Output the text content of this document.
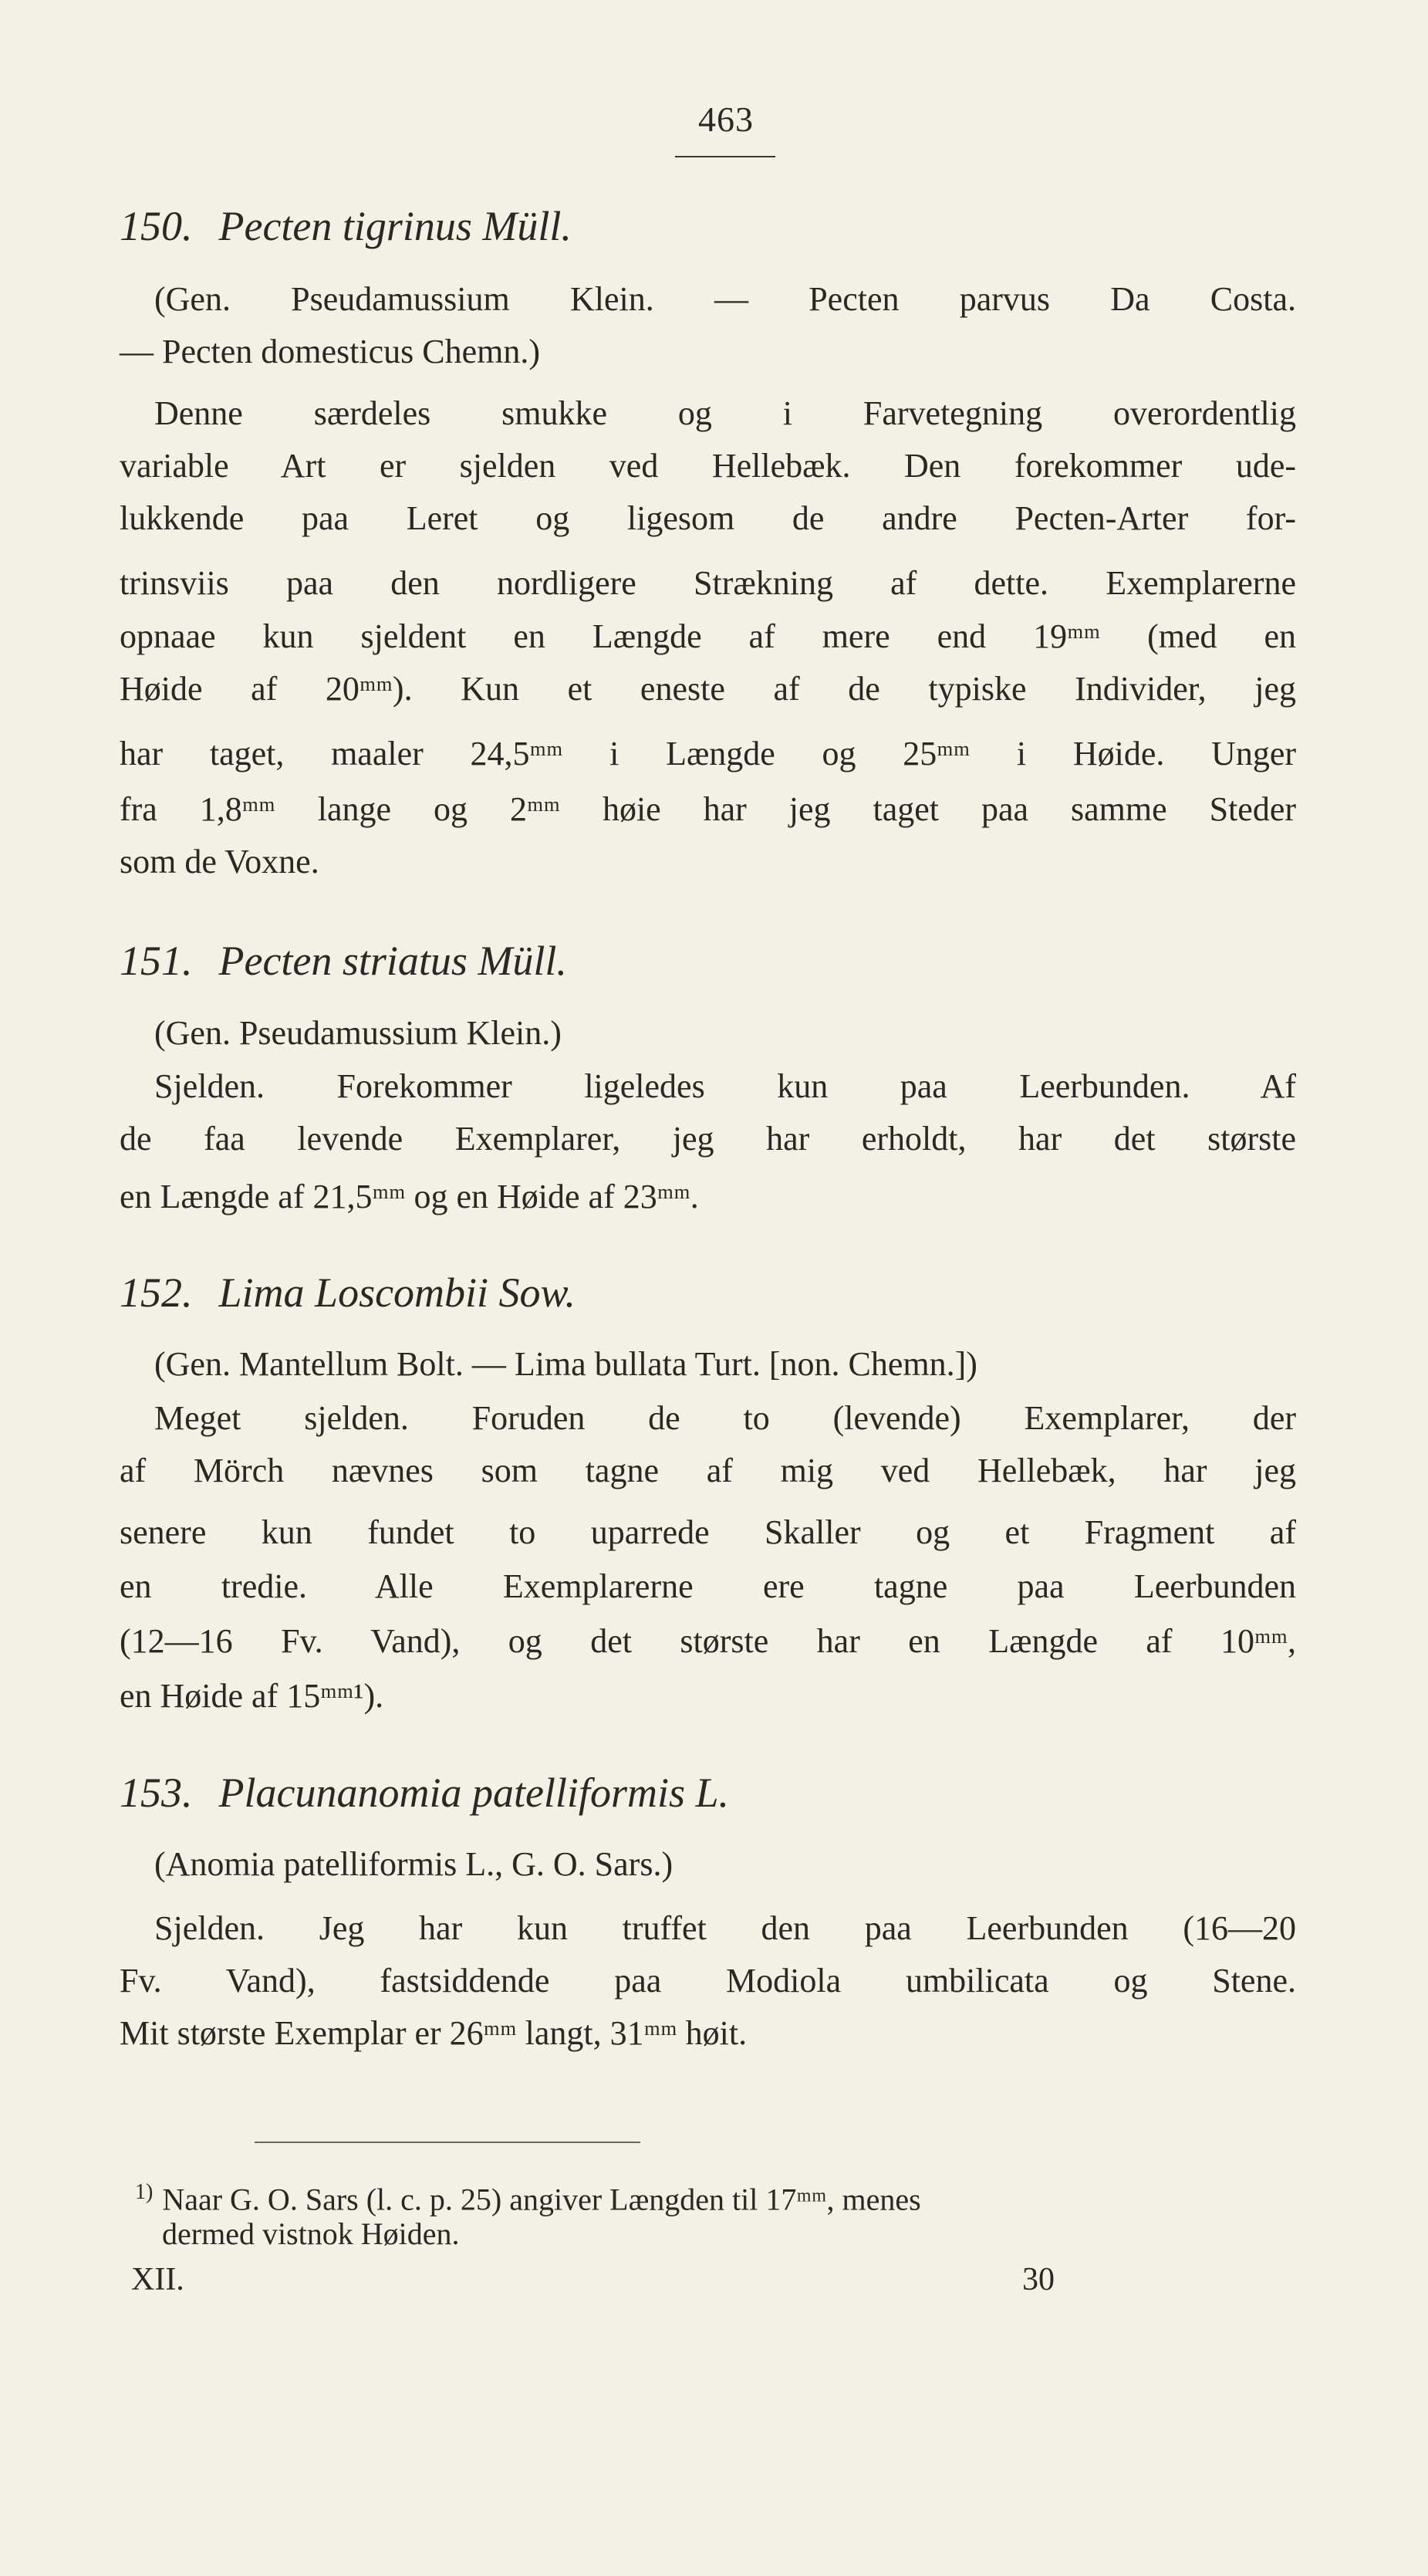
463
150. Pecten tigrinus Müll.
(Gen. Pseudamussium Klein. — Pecten parvus Da Costa.
— Pecten domesticus Chemn.)
Denne særdeles smukke og i Farvetegning overordentlig
variable Art er sjelden ved Hellebæk. Den forekommer ude-
lukkende paa Leret og ligesom de andre Pecten-Arter for-
trinsviis paa den nordligere Strækning af dette. Exemplarerne
opnaae kun sjeldent en Længde af mere end 19ᵐᵐ (med en
Høide af 20ᵐᵐ). Kun et eneste af de typiske Individer, jeg
har taget, maaler 24,5ᵐᵐ i Længde og 25ᵐᵐ i Høide. Unger
fra 1,8ᵐᵐ lange og 2ᵐᵐ høie har jeg taget paa samme Steder
som de Voxne.
151. Pecten striatus Müll.
(Gen. Pseudamussium Klein.)
Sjelden. Forekommer ligeledes kun paa Leerbunden. Af
de faa levende Exemplarer, jeg har erholdt, har det største
en Længde af 21,5ᵐᵐ og en Høide af 23ᵐᵐ.
152. Lima Loscombii Sow.
(Gen. Mantellum Bolt. — Lima bullata Turt. [non. Chemn.])
Meget sjelden. Foruden de to (levende) Exemplarer, der
af Mörch nævnes som tagne af mig ved Hellebæk, har jeg
senere kun fundet to uparrede Skaller og et Fragment af
en tredie. Alle Exemplarerne ere tagne paa Leerbunden
(12—16 Fv. Vand), og det største har en Længde af 10ᵐᵐ,
en Høide af 15ᵐᵐ¹).
153. Placunanomia patelliformis L.
(Anomia patelliformis L., G. O. Sars.)
Sjelden. Jeg har kun truffet den paa Leerbunden (16—20
Fv. Vand), fastsiddende paa Modiola umbilicata og Stene.
Mit største Exemplar er 26ᵐᵐ langt, 31ᵐᵐ høit.
$^{1)}$ Naar G. O. Sars (l. c. p. 25) angiver Længden til 17ᵐᵐ, menes
dermed vistnok Høiden.
XII.	30
